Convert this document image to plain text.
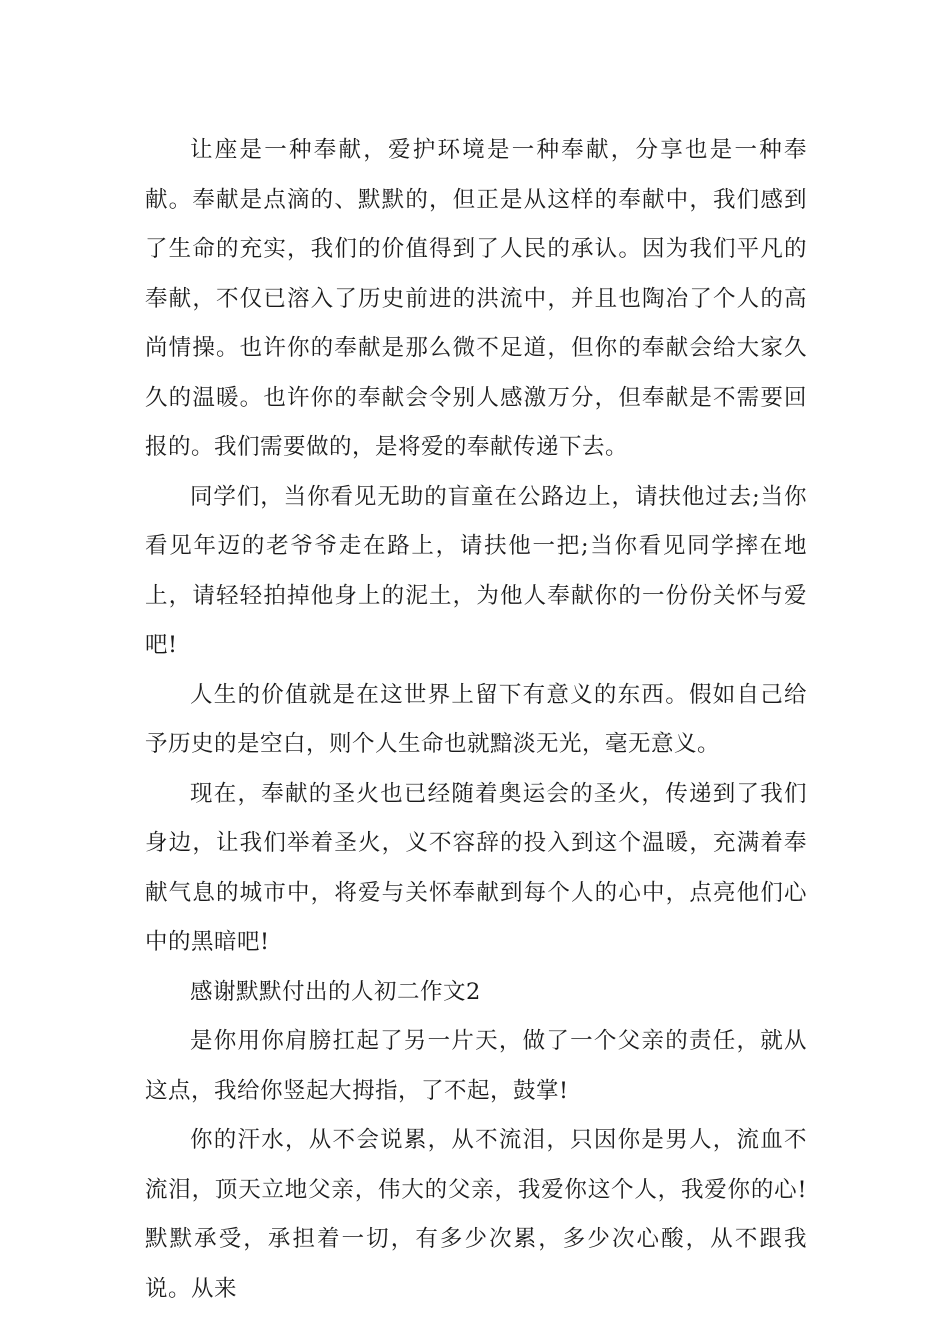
让座是一种奉献，爱护环境是一种奉献，分享也是一种奉献。奉献是点滴的、默默的，但正是从这样的奉献中，我们感到了生命的充实，我们的价值得到了人民的承认。因为我们平凡的奉献，不仅已溶入了历史前进的洪流中，并且也陶冶了个人的高尚情操。也许你的奉献是那么微不足道，但你的奉献会给大家久久的温暖。也许你的奉献会令别人感激万分，但奉献是不需要回报的。我们需要做的，是将爱的奉献传递下去。

同学们，当你看见无助的盲童在公路边上，请扶他过去;当你看见年迈的老爷爷走在路上，请扶他一把;当你看见同学摔在地上，请轻轻拍掉他身上的泥土，为他人奉献你的一份份关怀与爱吧!

人生的价值就是在这世界上留下有意义的东西。假如自己给予历史的是空白，则个人生命也就黯淡无光，毫无意义。

现在，奉献的圣火也已经随着奥运会的圣火，传递到了我们身边，让我们举着圣火，义不容辞的投入到这个温暖，充满着奉献气息的城市中，将爱与关怀奉献到每个人的心中，点亮他们心中的黑暗吧!

感谢默默付出的人初二作文2

是你用你肩膀扛起了另一片天，做了一个父亲的责任，就从这点，我给你竖起大拇指，了不起，鼓掌!

你的汗水，从不会说累，从不流泪，只因你是男人，流血不流泪，顶天立地父亲，伟大的父亲，我爱你这个人，我爱你的心!默默承受，承担着一切，有多少次累，多少次心酸，从不跟我说。从来
